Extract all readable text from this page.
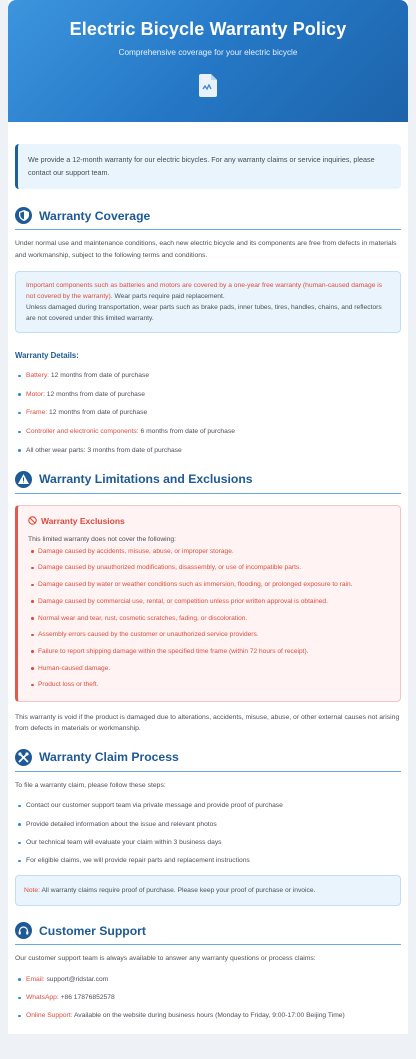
Electric Bicycle Warranty Policy
Comprehensive coverage for your electric bicycle
We provide a 12-month warranty for our electric bicycles. For any warranty claims or service inquiries, please contact our support team.
Warranty Coverage

Under normal use and maintenance conditions, each new electric bicycle and its components are free from defects in materials and workmanship, subject to the following terms and conditions.

Important components such as batteries and motors are covered by a one-year free warranty (human-caused damage is not covered by the warranty). Wear parts require paid replacement.
Unless damaged during transportation, wear parts such as brake pads, inner tubes, tires, handles, chains, and reflectors are not covered under this limited warranty.
Warranty Details:
Battery: 12 months from date of purchase
Motor: 12 months from date of purchase
Frame: 12 months from date of purchase
Controller and electronic components: 6 months from date of purchase
All other wear parts: 3 months from date of purchase
Warranty Limitations and Exclusions
Warranty Exclusions
This limited warranty does not cover the following:
Damage caused by accidents, misuse, abuse, or improper storage.
Damage caused by unauthorized modifications, disassembly, or use of incompatible parts.
Damage caused by water or weather conditions such as immersion, flooding, or prolonged exposure to rain.
Damage caused by commercial use, rental, or competition unless prior written approval is obtained.
Normal wear and tear, rust, cosmetic scratches, fading, or discoloration.
Assembly errors caused by the customer or unauthorized service providers.
Failure to report shipping damage within the specified time frame (within 72 hours of receipt).
Human-caused damage.
Product loss or theft.

This warranty is void if the product is damaged due to alterations, accidents, misuse, abuse, or other external causes not arising from defects in materials or workmanship.

Warranty Claim Process

To file a warranty claim, please follow these steps:

Contact our customer support team via private message and provide proof of purchase
Provide detailed information about the issue and relevant photos
Our technical team will evaluate your claim within 3 business days
For eligible claims, we will provide repair parts and replacement instructions
Note: All warranty claims require proof of purchase. Please keep your proof of purchase or invoice.
Customer Support

Our customer support team is always available to answer any warranty questions or process claims:

Email: support@ridstar.com
WhatsApp: +86 17876852578
Online Support: Available on the website during business hours (Monday to Friday, 9:00-17:00 Beijing Time)
